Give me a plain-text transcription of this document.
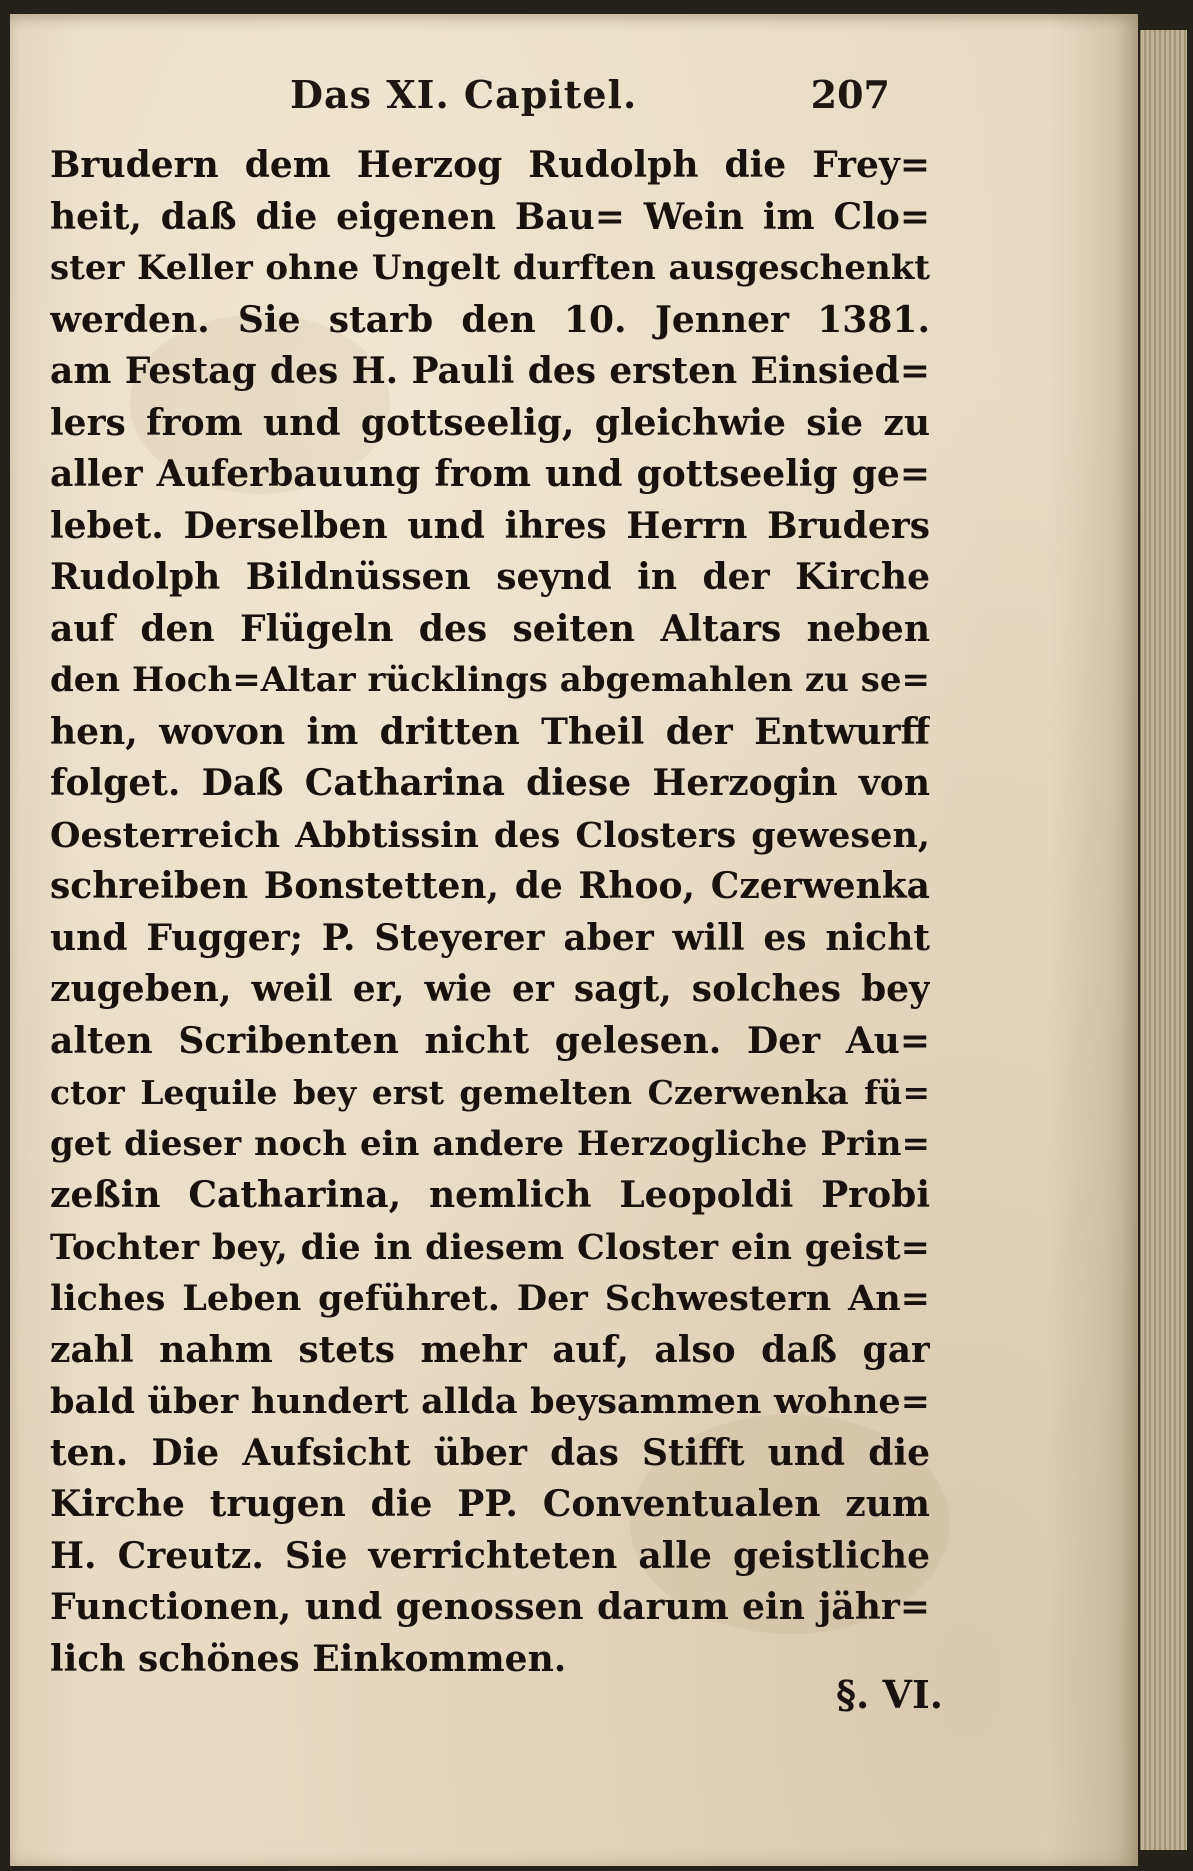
Das XI. Capitel.	207
Brudern dem Herzog Rudolph die Frey=
heit, daß die eigenen Bau= Wein im Clo=
ster Keller ohne Ungelt durften ausgeschenkt
werden. Sie starb den 10. Jenner 1381.
am Festag des H. Pauli des ersten Einsied=
lers from und gottseelig, gleichwie sie zu
aller Auferbauung from und gottseelig ge=
lebet. Derselben und ihres Herrn Bruders
Rudolph Bildnüssen seynd in der Kirche
auf den Flügeln des seiten Altars neben
den Hoch=Altar rücklings abgemahlen zu se=
hen, wovon im dritten Theil der Entwurff
folget. Daß Catharina diese Herzogin von
Oesterreich Abbtissin des Closters gewesen,
schreiben Bonstetten, de Rhoo, Czerwenka
und Fugger; P. Steyerer aber will es nicht
zugeben, weil er, wie er sagt, solches bey
alten Scribenten nicht gelesen. Der Au=
ctor Lequile bey erst gemelten Czerwenka fü=
get dieser noch ein andere Herzogliche Prin=
zeßin Catharina, nemlich Leopoldi Probi
Tochter bey, die in diesem Closter ein geist=
liches Leben geführet. Der Schwestern An=
zahl nahm stets mehr auf, also daß gar
bald über hundert allda beysammen wohne=
ten. Die Aufsicht über das Stifft und die
Kirche trugen die PP. Conventualen zum
H. Creutz. Sie verrichteten alle geistliche
Functionen, und genossen darum ein jähr=
lich schönes Einkommen.
§. VI.
